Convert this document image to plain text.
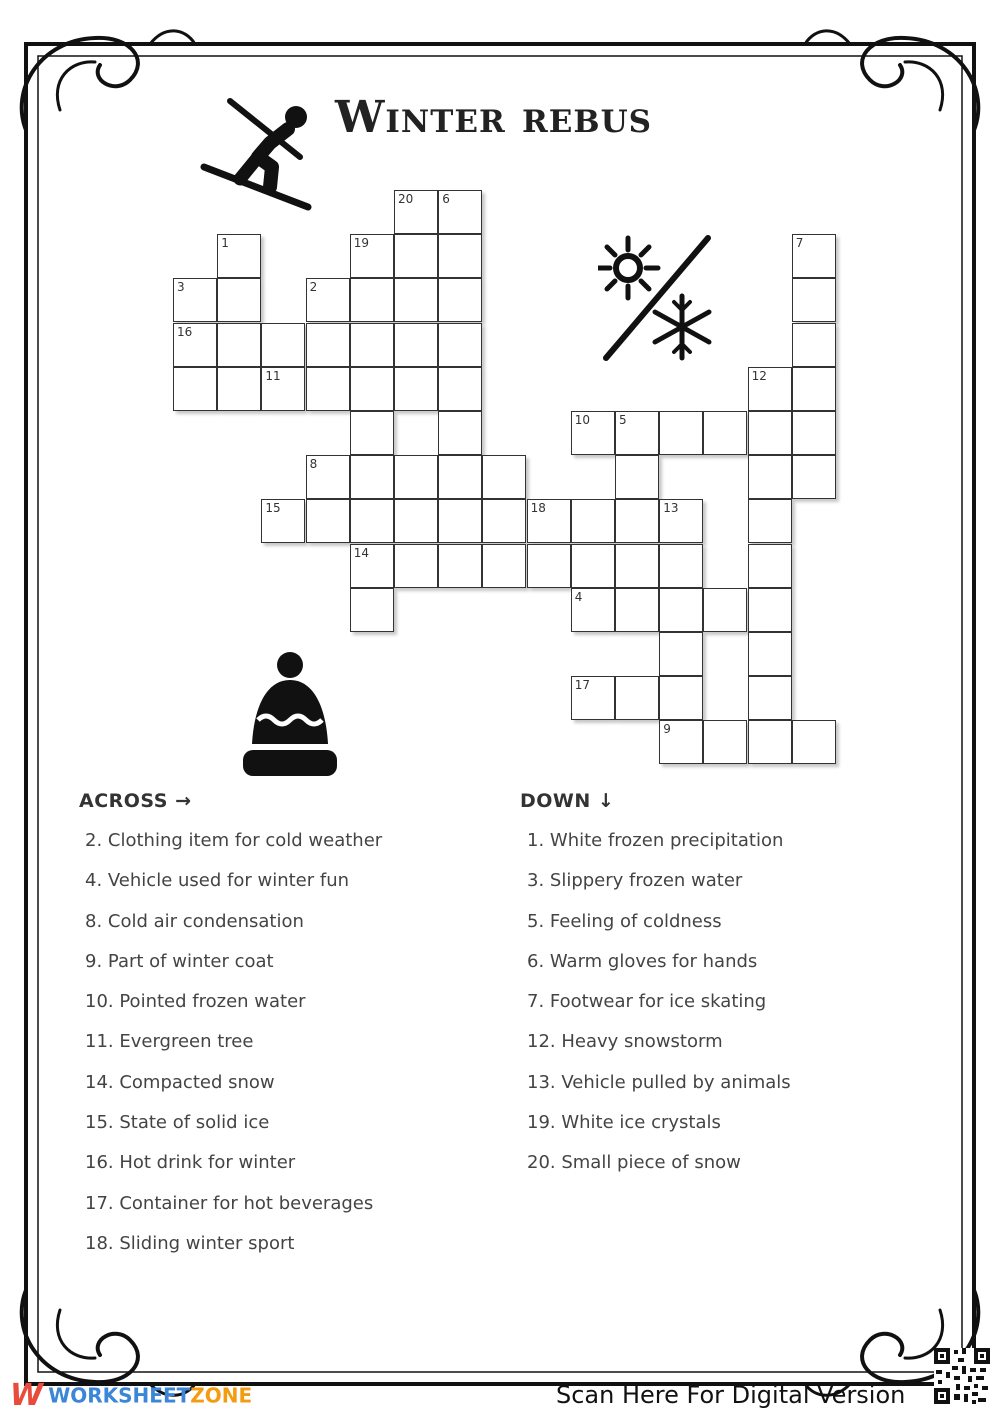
Winter rebus
20 6
1	19	7
3	2
16
11	12
10 5
8
15	18	13
14
4
17
9
ACROSS →
2. Clothing item for cold weather
4. Vehicle used for winter fun
8. Cold air condensation
9. Part of winter coat
10. Pointed frozen water
11. Evergreen tree
14. Compacted snow
15. State of solid ice
16. Hot drink for winter
17. Container for hot beverages
18. Sliding winter sport
DOWN ↓
1. White frozen precipitation
3. Slippery frozen water
5. Feeling of coldness
6. Warm gloves for hands
7. Footwear for ice skating
12. Heavy snowstorm
13. Vehicle pulled by animals
19. White ice crystals
20. Small piece of snow
W WORKSHEETZONE	Scan Here For Digital Version
